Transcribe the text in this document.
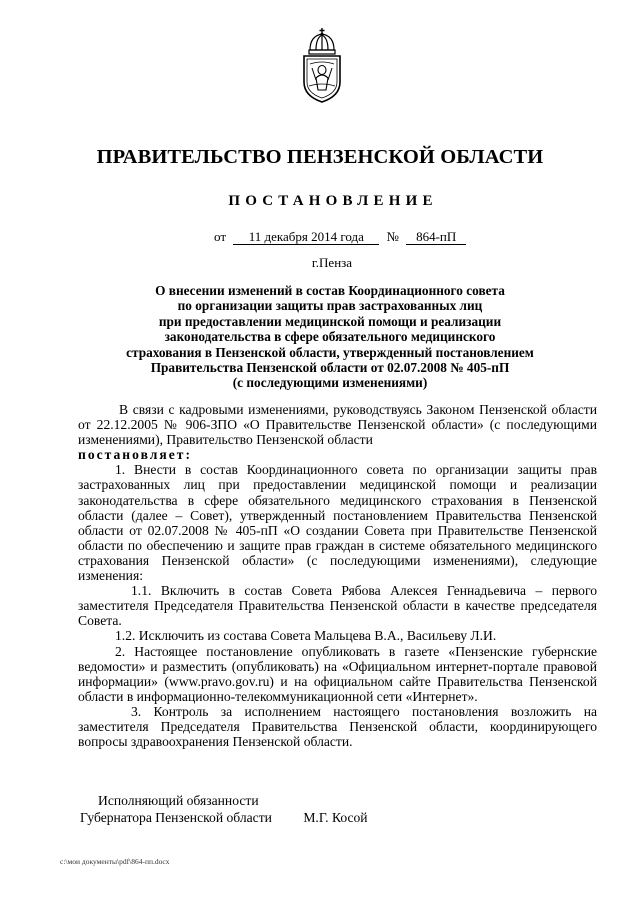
ПРАВИТЕЛЬСТВО ПЕНЗЕНСКОЙ ОБЛАСТИ
ПОСТАНОВЛЕНИЕ
от 11 декабря 2014 года № 864-пП
г.Пенза
О внесении изменений в состав Координационного совета
по организации защиты прав застрахованных лиц
при предоставлении медицинской помощи и реализации
законодательства в сфере обязательного медицинского
страхования в Пензенской области, утвержденный постановлением
Правительства Пензенской области от 02.07.2008 № 405-пП
(с последующими изменениями)

В связи с кадровыми изменениями, руководствуясь Законом Пензенской области от 22.12.2005 № 906-ЗПО «О Правительстве Пензенской области» (с последующими изменениями), Правительство Пензенской области

постановляет:

1. Внести в состав Координационного совета по организации защиты прав застрахованных лиц при предоставлении медицинской помощи и реализации законодательства в сфере обязательного медицинского страхования в Пензенской области (далее – Совет), утвержденный постановлением Правительства Пензенской области от 02.07.2008 № 405-пП «О создании Совета при Правительстве Пензенской области по обеспечению и защите прав граждан в системе обязательного медицинского страхования Пензенской области» (с последующими изменениями), следующие изменения:

1.1. Включить в состав Совета Рябова Алексея Геннадьевича – первого заместителя Председателя Правительства Пензенской области в качестве председателя Совета.

1.2. Исключить из состава Совета Мальцева В.А., Васильеву Л.И.

2. Настоящее постановление опубликовать в газете «Пензенские губернские ведомости» и разместить (опубликовать) на «Официальном интернет-портале правовой информации» (www.pravo.gov.ru) и на официальном сайте Правительства Пензенской области в информационно-телекоммуникационной сети «Интернет».

3. Контроль за исполнением настоящего постановления возложить на заместителя Председателя Правительства Пензенской области, координирующего вопросы здравоохранения Пензенской области.

Исполняющий обязанности
Губернатора Пензенской области М.Г. Косой
c:\мои документы\pdf\864-пп.docx
